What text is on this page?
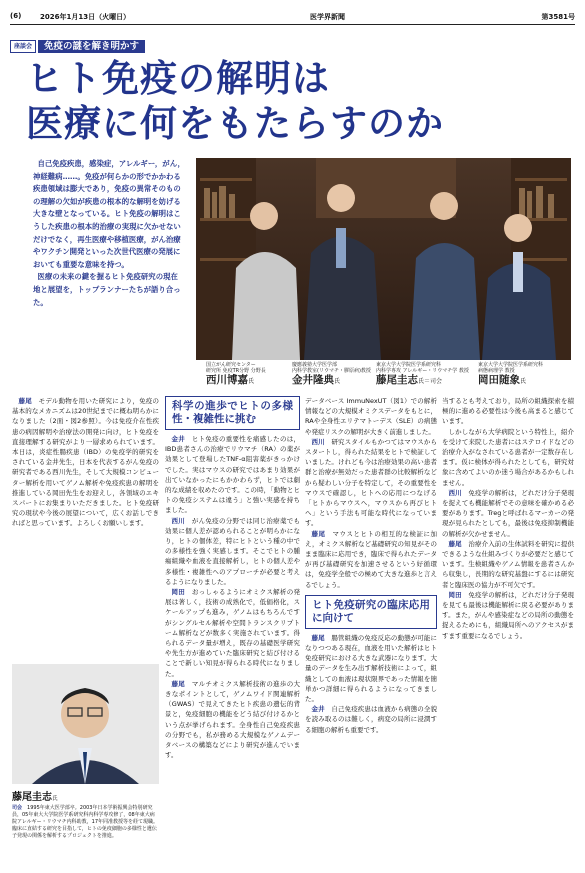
(6)	2026年1月13日（火曜日）	医学界新聞	第3581号
座談会	免疫の謎を解き明かす
ヒト免疫の解明は
医療に何をもたらすのか

自己免疫疾患，感染症，アレルギー，がん，神経難病……。免疫が何らかの形でかかわる疾患領域は膨大であり，免疫の異常そのものの理解の欠如が疾患の根本的な解明を妨げる大きな壁となっている。ヒト免疫の解明はこうした疾患の根本的治療の実現に欠かせないだけでなく，再生医療や移植医療，がん治療やワクチン開発といった次世代医療の発展においても重要な意味を持つ。

医療の未来の鍵を握るヒト免疫研究の現在地と展望を，トップランナーたちが語り合った。

国立がん研究センター
研究所 免疫TR分野 分野長
西川博嘉氏
慶應義塾大学医学部
内科学教室(リウマチ・膠原病)教授
金井隆典氏
東京大学大学院医学系研究科
内科学専攻 アレルギー・リウマチ学 教授
藤尾圭志氏＝司会
東京大学大学院医学系研究科
病態病理学 教授
岡田随象氏

藤尾　 モデル動物を用いた研究により，免疫の基本的なメカニズムは20世紀までに概ね明らかになりました（2面・図2参照）。今は免疫介在性疾患の病因解明や治療法の開発に向け，ヒト免疫を直接理解する研究がより一層求められています。本日は，炎症性腸疾患（IBD）の免疫学的研究をされている金井先生，日本を代表するがん免疫の研究者である西川先生，そして大規模コンピューター解析を用いてゲノム解析や免疫疾患の解明を推進している岡田先生をお迎えし，各領域のエキスパートにお集まりいただきました。ヒト免疫研究の現状や今後の展望について，広くお話しできればと思っています。よろしくお願いします。

藤尾圭志氏
司会　 1995年東大医学部卒。2003年日本学術振興会特別研究員，05年東大大学院医学系研究科内科学専攻修了，08年東大病院アレルギー・リウマチ内科助教，17年同准教授等を経て現職。臨床に直結する研究を目指して，ヒトの免疫細胞の多様性と遺伝子発現の関係を解析するプロジェクトを推進。
科学の進歩でヒトの多様性・複雑性に挑む

金井　 ヒト免疫の重要性を痛感したのは，IBD患者さんの治療でリウマチ（RA）の薬が効果として登場したTNF-α阻害薬がきっかけでした。実はマウスの研究ではあまり効果が出ていなかったにもかかわらず，ヒトでは劇的な成績を収めたのです。この時，「動物とヒトの免疫システムは違う」と強い実感を持ちました。

西川　 がん免疫の分野では同じ治療薬でも効果に個人差が認められることが明らかになり，ヒトの個体差，特にヒトという種の中での多様性を強く実感します。そこでヒトの腫瘍組織や血液を直接解析し，ヒトの個人差や多様性・複雑性へのアプローチが必要と考えるようになりました。

岡田　 おっしゃるようにオミクス解析の発展は著しく，技術の成熟化で，低価格化，スケールアップも進み，ゲノムはもちろんですがシングルセル解析や空間トランスクリプトーム解析などが数多く実施されています。得られるデータ量が増え，既存の基礎医学研究や先生方が進めていた臨床研究と結び付けることで新しい知見が得られる時代になりました。

藤尾　 マルチオミクス解析技術の進歩の大きなポイントとして，ゲノムワイド関連解析（GWAS）で見えてきたヒト疾患の遺伝的背景と，免疫細胞の機能をどう結び付けるかという点が挙げられます。全身性自己免疫疾患の分野でも，私が務める大規模なゲノムデータベースの構築などにより研究が進んでいます。

データベース ImmuNexUT（図1）での解析情報などの大規模オミクスデータをもとに，RAや全身性エリテマトーデス（SLE）の病態や発症リスクの解明が大きく前進しました。

西川　 研究スタイルもかつてはマウスからスタートし，得られた結果をヒトで検証していました。けれども今は治療効果の高い患者群と治療が無効だった患者群の比較解析などから疑わしい分子を特定して，その重要性をマウスで確認し，ヒトへの応用につなげる「ヒトからマウスへ，マウスから再びヒトへ」という手法も可能な時代になっています。

藤尾　 マウスとヒトの相互的な検証に加え，オミクス解析など基礎研究の知見がそのまま臨床に応用でき，臨床で得られたデータが再び基礎研究を加速させるという好循環は，免疫学全般での極めて大きな進歩と言えるでしょう。

ヒト免疫研究の臨床応用に向けて

藤尾　 腸管組織の免疫反応の動態が可能になりつつある現在，血液を用いた解析はヒト免疫研究における大きな武器になります。大量のデータを生み出す解析技術によって，組織としての血液は現状限界であった情報を簡単かつ詳細に得られるようになってきました。

金井　 自己免疫疾患は血液から病態の全貌を読み取るのは難しく，病変の局所に浸潤する細胞の解析も重要です。

当するとも考えており，局所の組織探索を積極的に進める必要性は今後も高まると感じています。

しかしながら大学病院という特性上，紹介を受けて来院した患者にはステロイドなどの治療介入がなされている患者が一定数存在します。仮に検体が得られたとしても，研究対象に含めてよいのか迷う場合があるかもしれません。

西川　 免疫学の解析は，どれだけ分子発現を捉えても機能解析でその意味を確かめる必要があります。Tregと呼ばれるマーカーの発現が見られたとしても，最後は免疫抑制機能の解析が欠かせません。

藤尾　 治療介入前の生体試料を研究に提供できるような仕組みづくりが必要だと感じています。生検組織やゲノム情報を患者さんから収集し，長期的な研究基盤にするには研究者と臨床医の協力が不可欠です。

岡田　 免疫学の解析は，どれだけ分子発現を見ても最後は機能解析に戻る必要があります。また，がんや感染症などの局所の動態を捉えるためにも，組織局所へのアクセスがますます重要になるでしょう。
